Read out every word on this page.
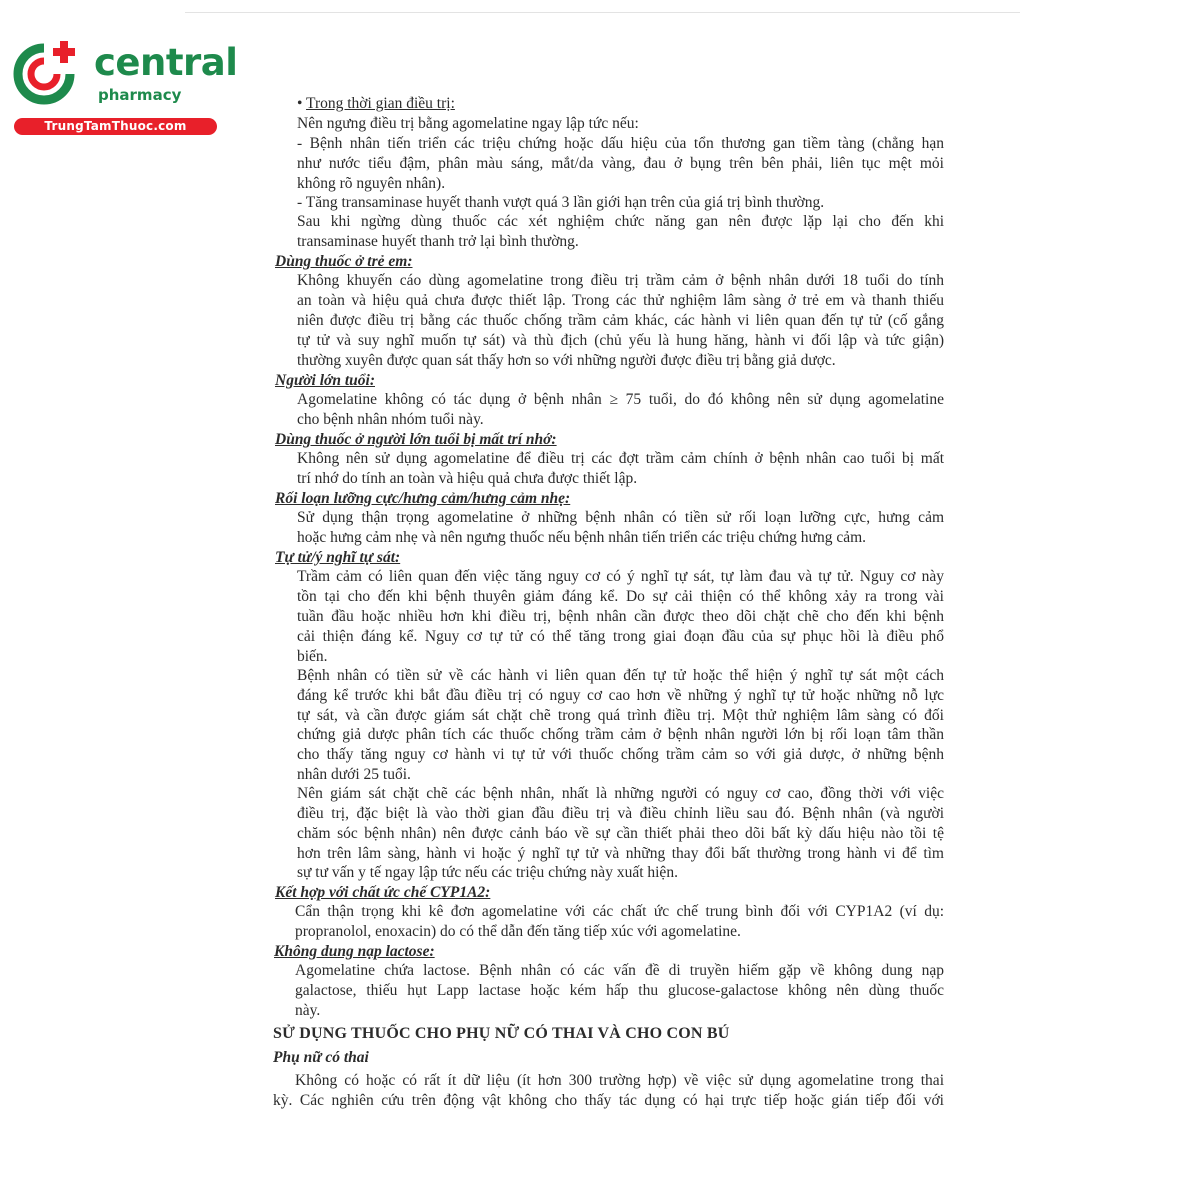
central
pharmacy
TrungTamThuoc.com
• Trong thời gian điều trị:
Nên ngưng điều trị bằng agomelatine ngay lập tức nếu:
- Bệnh nhân tiến triển các triệu chứng hoặc dấu hiệu của tổn thương gan tiềm tàng (chẳng hạn
như nước tiểu đậm, phân màu sáng, mắt/da vàng, đau ở bụng trên bên phải, liên tục mệt mỏi
không rõ nguyên nhân).
- Tăng transaminase huyết thanh vượt quá 3 lần giới hạn trên của giá trị bình thường.
Sau khi ngừng dùng thuốc các xét nghiệm chức năng gan nên được lặp lại cho đến khi
transaminase huyết thanh trở lại bình thường.
Dùng thuốc ở trẻ em:
Không khuyến cáo dùng agomelatine trong điều trị trầm cảm ở bệnh nhân dưới 18 tuổi do tính
an toàn và hiệu quả chưa được thiết lập. Trong các thử nghiệm lâm sàng ở trẻ em và thanh thiếu
niên được điều trị bằng các thuốc chống trầm cảm khác, các hành vi liên quan đến tự tử (cố gắng
tự tử và suy nghĩ muốn tự sát) và thù địch (chủ yếu là hung hăng, hành vi đối lập và tức giận)
thường xuyên được quan sát thấy hơn so với những người được điều trị bằng giả dược.
Người lớn tuổi:
Agomelatine không có tác dụng ở bệnh nhân ≥ 75 tuổi, do đó không nên sử dụng agomelatine
cho bệnh nhân nhóm tuổi này.
Dùng thuốc ở người lớn tuổi bị mất trí nhớ:
Không nên sử dụng agomelatine để điều trị các đợt trầm cảm chính ở bệnh nhân cao tuổi bị mất
trí nhớ do tính an toàn và hiệu quả chưa được thiết lập.
Rối loạn lưỡng cực/hưng cảm/hưng cảm nhẹ:
Sử dụng thận trọng agomelatine ở những bệnh nhân có tiền sử rối loạn lưỡng cực, hưng cảm
hoặc hưng cảm nhẹ và nên ngưng thuốc nếu bệnh nhân tiến triển các triệu chứng hưng cảm.
Tự tử/ý nghĩ tự sát:
Trầm cảm có liên quan đến việc tăng nguy cơ có ý nghĩ tự sát, tự làm đau và tự tử. Nguy cơ này
tồn tại cho đến khi bệnh thuyên giảm đáng kể. Do sự cải thiện có thể không xảy ra trong vài
tuần đầu hoặc nhiều hơn khi điều trị, bệnh nhân cần được theo dõi chặt chẽ cho đến khi bệnh
cải thiện đáng kể. Nguy cơ tự tử có thể tăng trong giai đoạn đầu của sự phục hồi là điều phổ
biến.
Bệnh nhân có tiền sử về các hành vi liên quan đến tự tử hoặc thể hiện ý nghĩ tự sát một cách
đáng kể trước khi bắt đầu điều trị có nguy cơ cao hơn về những ý nghĩ tự tử hoặc những nỗ lực
tự sát, và cần được giám sát chặt chẽ trong quá trình điều trị. Một thử nghiệm lâm sàng có đối
chứng giả dược phân tích các thuốc chống trầm cảm ở bệnh nhân người lớn bị rối loạn tâm thần
cho thấy tăng nguy cơ hành vi tự tử với thuốc chống trầm cảm so với giả dược, ở những bệnh
nhân dưới 25 tuổi.
Nên giám sát chặt chẽ các bệnh nhân, nhất là những người có nguy cơ cao, đồng thời với việc
điều trị, đặc biệt là vào thời gian đầu điều trị và điều chỉnh liều sau đó. Bệnh nhân (và người
chăm sóc bệnh nhân) nên được cảnh báo về sự cần thiết phải theo dõi bất kỳ dấu hiệu nào tồi tệ
hơn trên lâm sàng, hành vi hoặc ý nghĩ tự tử và những thay đổi bất thường trong hành vi để tìm
sự tư vấn y tế ngay lập tức nếu các triệu chứng này xuất hiện.
Kết hợp với chất ức chế CYP1A2:
Cẩn thận trọng khi kê đơn agomelatine với các chất ức chế trung bình đối với CYP1A2 (ví dụ:
propranolol, enoxacin) do có thể dẫn đến tăng tiếp xúc với agomelatine.
Không dung nạp lactose:
Agomelatine chứa lactose. Bệnh nhân có các vấn đề di truyền hiếm gặp về không dung nạp
galactose, thiếu hụt Lapp lactase hoặc kém hấp thu glucose-galactose không nên dùng thuốc
này.
SỬ DỤNG THUỐC CHO PHỤ NỮ CÓ THAI VÀ CHO CON BÚ
Phụ nữ có thai
Không có hoặc có rất ít dữ liệu (ít hơn 300 trường hợp) về việc sử dụng agomelatine trong thai
kỳ. Các nghiên cứu trên động vật không cho thấy tác dụng có hại trực tiếp hoặc gián tiếp đối với
